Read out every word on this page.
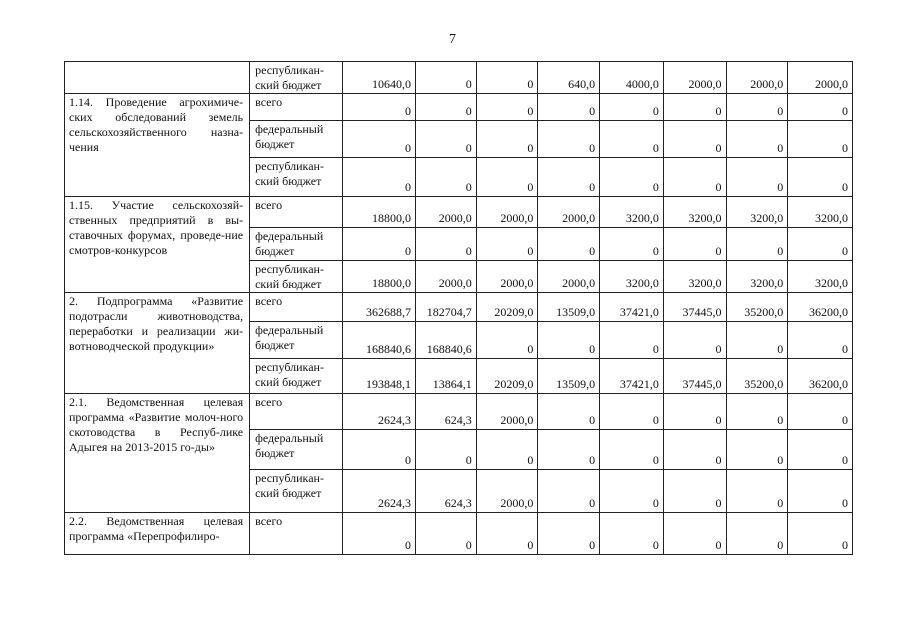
7
	республикан-ский бюджет	10640,0	0	0	640,0	4000,0	2000,0	2000,0	2000,0
1.14. Проведение агрохимиче-ских обследований земель сельскохозяйственного назна-чения	всего	0	0	0	0	0	0	0	0
	федеральный бюджет	0	0	0	0	0	0	0	0
	республикан-ский бюджет	0	0	0	0	0	0	0	0
1.15. Участие сельскохозяй-ственных предприятий в вы-ставочных форумах, проведе-ние смотров-конкурсов	всего	18800,0	2000,0	2000,0	2000,0	3200,0	3200,0	3200,0	3200,0
	федеральный бюджет	0	0	0	0	0	0	0	0
	республикан-ский бюджет	18800,0	2000,0	2000,0	2000,0	3200,0	3200,0	3200,0	3200,0
2. Подпрограмма «Развитие подотрасли животноводства, переработки и реализации жи-вотноводческой продукции»	всего	362688,7	182704,7	20209,0	13509,0	37421,0	37445,0	35200,0	36200,0
	федеральный бюджет	168840,6	168840,6	0	0	0	0	0	0
	республикан-ский бюджет	193848,1	13864,1	20209,0	13509,0	37421,0	37445,0	35200,0	36200,0
2.1. Ведомственная целевая программа «Развитие молоч-ного скотоводства в Респуб-лике Адыгея на 2013-2015 го-ды»	всего	2624,3	624,3	2000,0	0	0	0	0	0
	федеральный бюджет	0	0	0	0	0	0	0	0
	республикан-ский бюджет	2624,3	624,3	2000,0	0	0	0	0	0
2.2. Ведомственная целевая программа «Перепрофилиро-	всего	0	0	0	0	0	0	0	0
